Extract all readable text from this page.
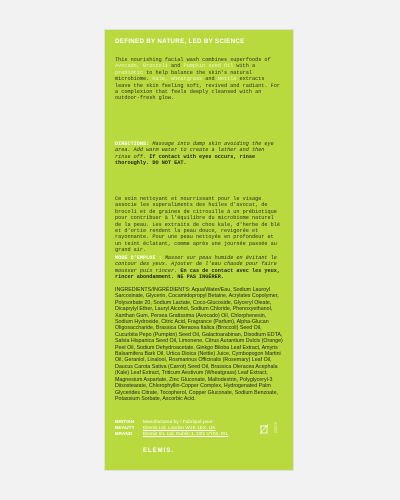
DEFINED BY NATURE, LED BY SCIENCE
This nourishing facial wash combines superfoods of Avocado, Broccoli and Pumpkin seed Oil with a prebiotic to help balance the skin's natural microbiome. Kale, Wheatgrass and Nettle extracts leave the skin feeling soft, revived and radiant. For a complexion that feels deeply cleansed with an outdoor-fresh glow.
DIRECTIONS: Massage into damp skin avoiding the eye area. Add warm water to create a lather and then rinse off. If contact with eyes occurs, rinse thoroughly. DO NOT EAT.
Ce soin nettoyant et nourrissant pour le visage associe les superaliments des huiles d'avocat, de brocoli et de graines de citrouille à un prébiotique pour contribuer à l'équilibre du microbiome naturel de la peau. Les extraits de chou kale, d'herbe de blé et d'ortie rendent la peau douce, revigorée et rayonnante. Pour une peau nettoyée en profondeur et un teint éclatant, comme après une journée passée au grand air.
MODE D'EMPLOI : Masser sur peau humide en évitant le contour des yeux. Ajouter de l'eau chaude pour faire mousser puis rincer. En cas de contact avec les yeux, rincer abondamment. NE PAS INGÉRER.
INGREDIENTS/INGRÉDIENTS: Aqua/Water/Eau, Sodium Lauroyl Sarcosinate, Glycerin, Cocamidopropyl Betaine, Acrylates Copolymer, Polysorbate 20, Sodium Lactate, Coco-Glucoside, Glyceryl Oleate, Dicaprylyl Ether, Lauryl Alcohol, Sodium Chloride, Phenoxyethanol, Xanthan Gum, Persea Gratissima (Avocado) Oil, Chlorphenesin, Sodium Hydroxide, Citric Acid, Fragrance (Parfum), Alpha-Glucan Oligosaccharide, Brassica Oleracea Italica (Broccoli) Seed Oil, Cucurbita Pepo (Pumpkin) Seed Oil, Galactoarabinan, Disodium EDTA, Salvia Hispanica Seed Oil, Limonene, Citrus Aurantium Dulcis (Orange) Peel Oil, Sodium Dehydroacetate, Ginkgo Biloba Leaf Extract, Amyris Balsamifera Bark Oil, Urtica Dioica (Nettle) Juice, Cymbopogon Martini Oil, Geraniol, Linalool, Rosmarinus Officinalis (Rosemary) Leaf Oil, Daucus Carota Sativa (Carrot) Seed Oil, Brassica Oleracea Acephala (Kale) Leaf Extract, Triticum Aestivum (Wheatgrass) Leaf Extract, Magnesium Aspartate, Zinc Gluconate, Maltodextrin, Polyglyceryl-3 Diisostearate, Chlorophyllin-Copper Complex, Hydrogenated Palm Glycerides Citrate, Tocopherol, Copper Gluconate, Sodium Benzoate, Potassium Sorbate, Ascorbic Acid.
BRITISH BEAUTY BRAND
Manufactured by / Fabriqué pour:
Elemis Ltd, London W1K 1EX, UK
Elemis Int. Ltd, Dublin 1, D01 VY02, IRL
ELEMIS.
50825
